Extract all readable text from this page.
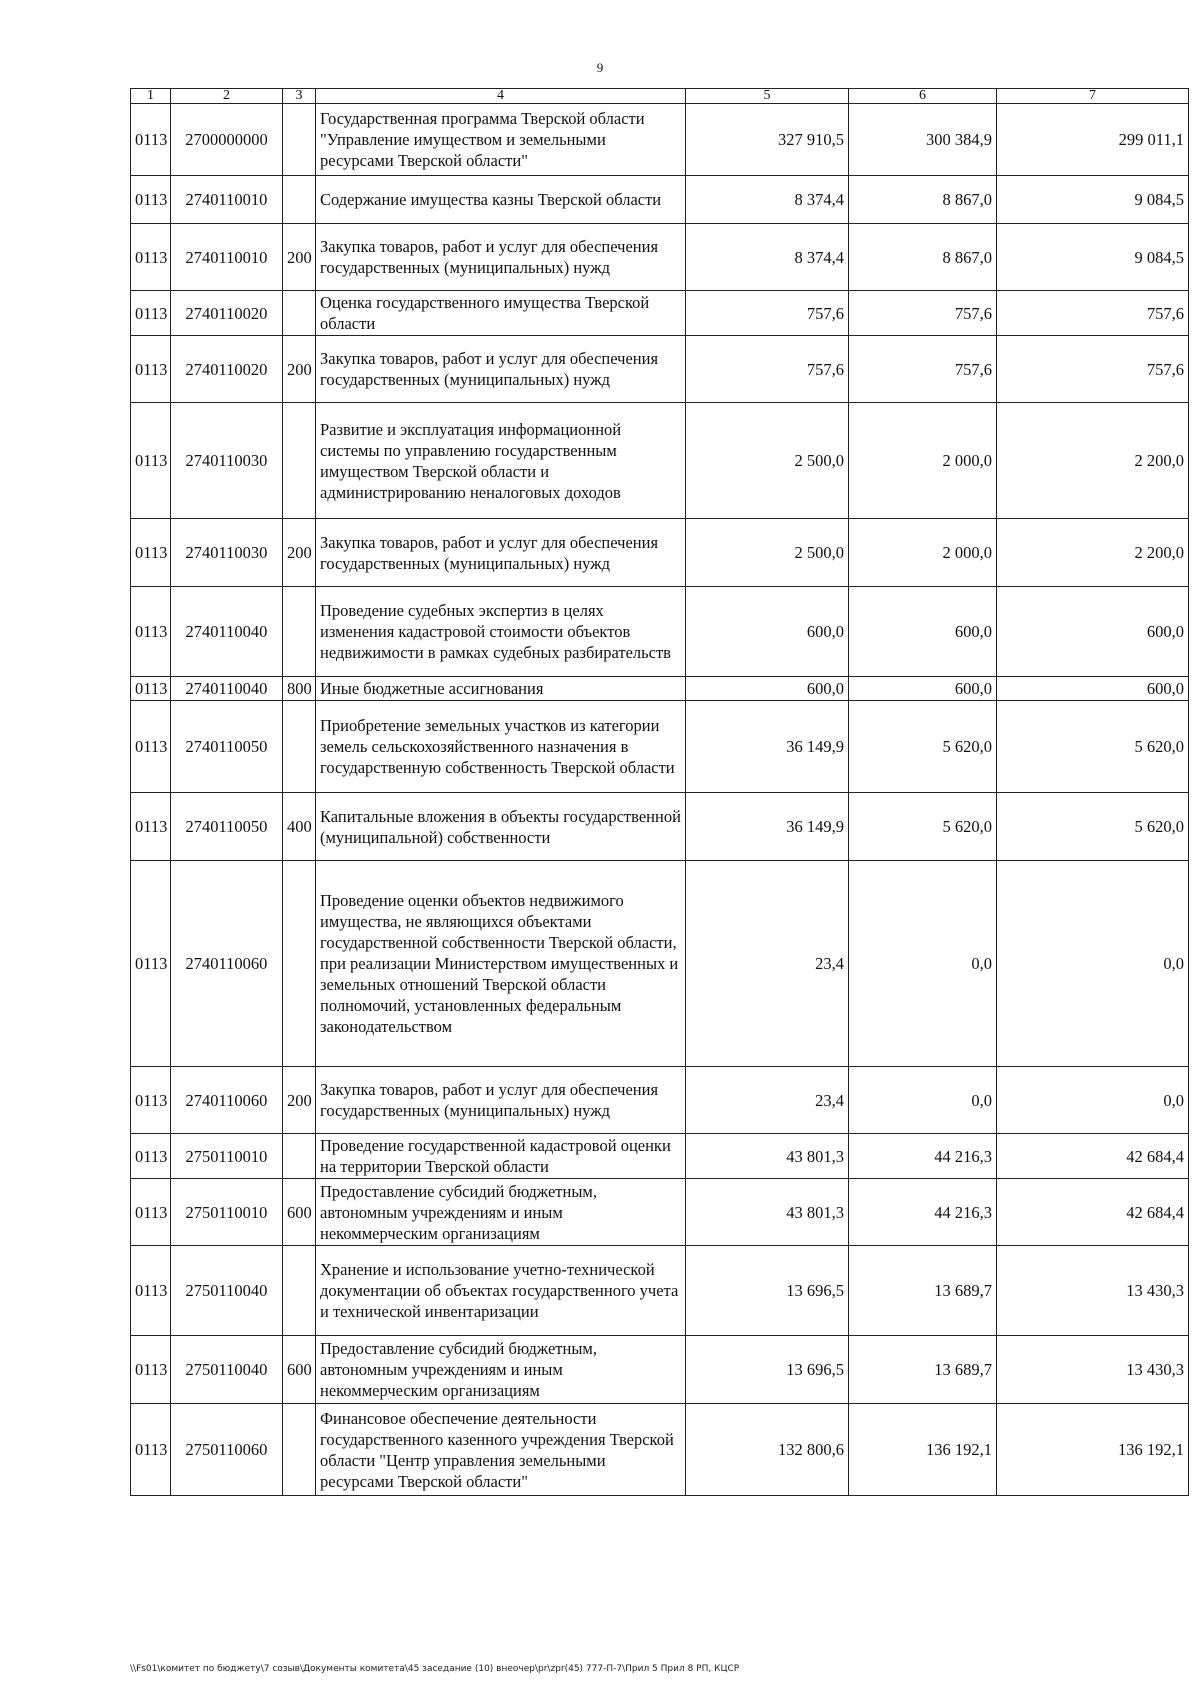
9
1	2	3	4	5	6	7
0113	2700000000		Государственная программа Тверской области "Управление имуществом и земельными ресурсами Тверской области"	327 910,5	300 384,9	299 011,1
0113	2740110010		Содержание имущества казны Тверской области	8 374,4	8 867,0	9 084,5
0113	2740110010	200	Закупка товаров, работ и услуг для обеспечения государственных (муниципальных) нужд	8 374,4	8 867,0	9 084,5
0113	2740110020		Оценка государственного имущества Тверской области	757,6	757,6	757,6
0113	2740110020	200	Закупка товаров, работ и услуг для обеспечения государственных (муниципальных) нужд	757,6	757,6	757,6
0113	2740110030		Развитие и эксплуатация информационной системы по управлению государственным имуществом Тверской области и администрированию неналоговых доходов	2 500,0	2 000,0	2 200,0
0113	2740110030	200	Закупка товаров, работ и услуг для обеспечения государственных (муниципальных) нужд	2 500,0	2 000,0	2 200,0
0113	2740110040		Проведение судебных экспертиз в целях изменения кадастровой стоимости объектов недвижимости в рамках судебных разбирательств	600,0	600,0	600,0
0113	2740110040	800	Иные бюджетные ассигнования	600,0	600,0	600,0
0113	2740110050		Приобретение земельных участков из категории земель сельскохозяйственного назначения в государственную собственность Тверской области	36 149,9	5 620,0	5 620,0
0113	2740110050	400	Капитальные вложения в объекты государственной (муниципальной) собственности	36 149,9	5 620,0	5 620,0
0113	2740110060		Проведение оценки объектов недвижимого имущества, не являющихся объектами государственной собственности Тверской области, при реализации Министерством имущественных и земельных отношений Тверской области полномочий, установленных федеральным законодательством	23,4	0,0	0,0
0113	2740110060	200	Закупка товаров, работ и услуг для обеспечения государственных (муниципальных) нужд	23,4	0,0	0,0
0113	2750110010		Проведение государственной кадастровой оценки на территории Тверской области	43 801,3	44 216,3	42 684,4
0113	2750110010	600	Предоставление субсидий бюджетным, автономным учреждениям и иным некоммерческим организациям	43 801,3	44 216,3	42 684,4
0113	2750110040		Хранение и использование учетно-технической документации об объектах государственного учета и технической инвентаризации	13 696,5	13 689,7	13 430,3
0113	2750110040	600	Предоставление субсидий бюджетным, автономным учреждениям и иным некоммерческим организациям	13 696,5	13 689,7	13 430,3
0113	2750110060		Финансовое обеспечение деятельности государственного казенного учреждения Тверской области "Центр управления земельными ресурсами Тверской области"	132 800,6	136 192,1	136 192,1
\\Fs01\комитет по бюджету\7 созыв\Документы комитета\45 заседание (10) внеочер\pr\zpr(45) 777-П-7\Прил 5 Прил 8 РП, КЦСР
